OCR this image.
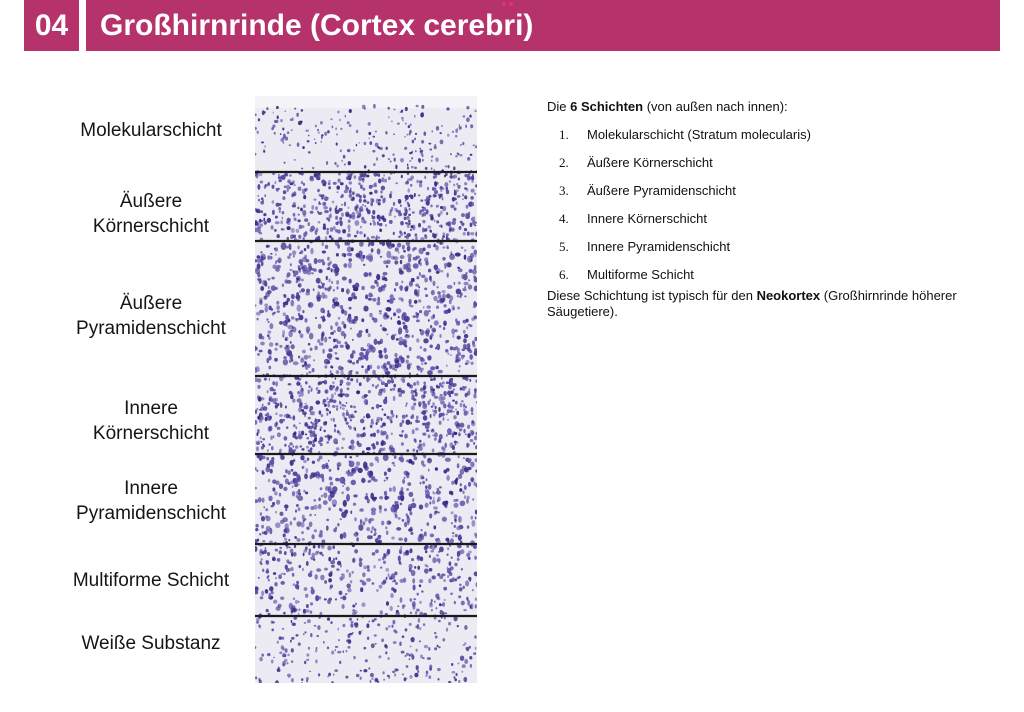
04	Großhirnrinde (Cortex cerebri)
Molekularschicht
Äußere
Körnerschicht
Äußere
Pyramidenschicht
Innere
Körnerschicht
Innere
Pyramidenschicht
Multiforme Schicht
Weiße Substanz

Die 6 Schichten (von außen nach innen):

1. Molekularschicht (Stratum molecularis)
2. Äußere Körnerschicht
3. Äußere Pyramidenschicht
4. Innere Körnerschicht
5. Innere Pyramidenschicht
6. Multiforme Schicht

Diese Schichtung ist typisch für den Neokortex (Großhirnrinde höherer Säugetiere).
